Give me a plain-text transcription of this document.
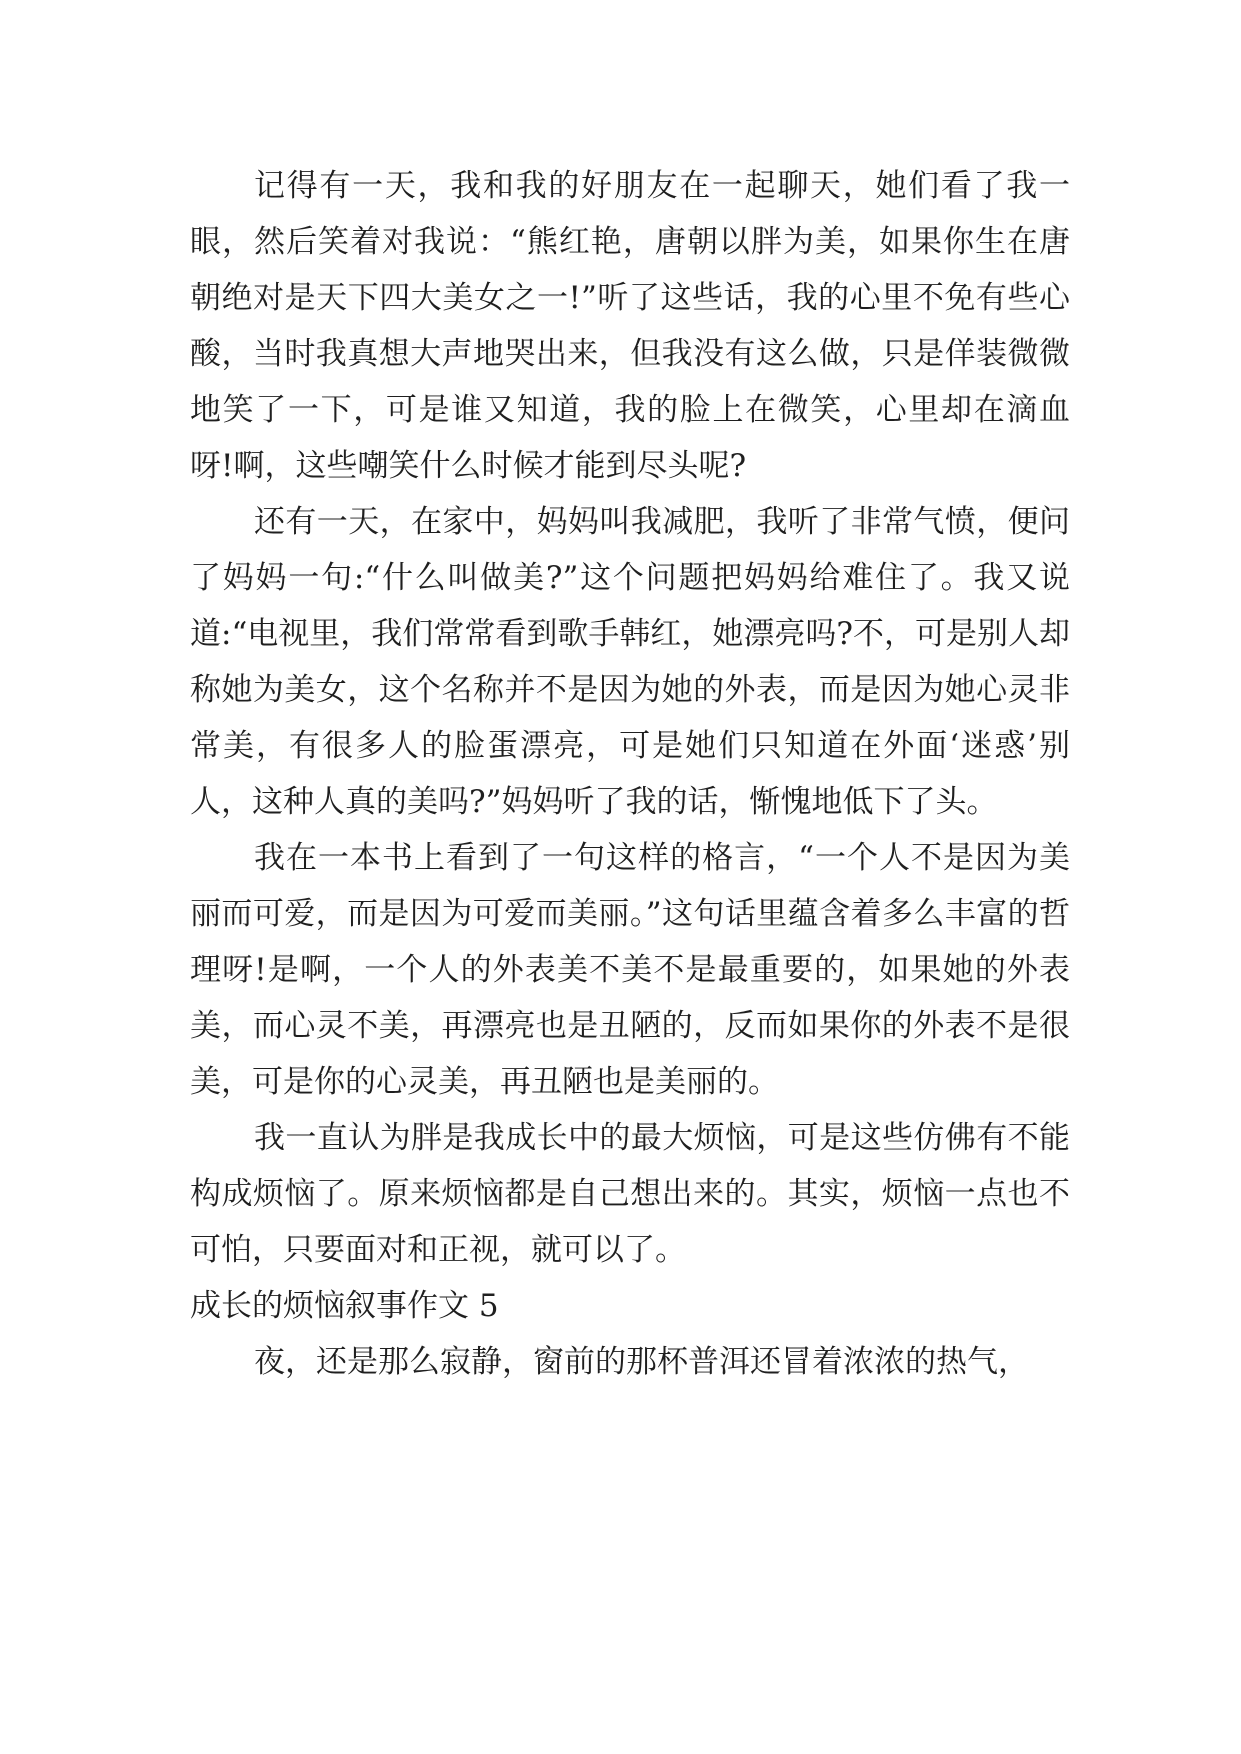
记得有一天，我和我的好朋友在一起聊天，她们看了我一眼，然后笑着对我说：“熊红艳，唐朝以胖为美，如果你生在唐朝绝对是天下四大美女之一!”听了这些话，我的心里不免有些心酸，当时我真想大声地哭出来，但我没有这么做，只是佯装微微地笑了一下，可是谁又知道，我的脸上在微笑，心里却在滴血呀!啊，这些嘲笑什么时候才能到尽头呢?

还有一天，在家中，妈妈叫我减肥，我听了非常气愤，便问了妈妈一句:“什么叫做美?”这个问题把妈妈给难住了。我又说道:“电视里，我们常常看到歌手韩红，她漂亮吗?不，可是别人却称她为美女，这个名称并不是因为她的外表，而是因为她心灵非常美，有很多人的脸蛋漂亮，可是她们只知道在外面‘迷惑’别人，这种人真的美吗?”妈妈听了我的话，惭愧地低下了头。

我在一本书上看到了一句这样的格言，“一个人不是因为美丽而可爱，而是因为可爱而美丽。”这句话里蕴含着多么丰富的哲理呀!是啊，一个人的外表美不美不是最重要的，如果她的外表美，而心灵不美，再漂亮也是丑陋的，反而如果你的外表不是很美，可是你的心灵美，再丑陋也是美丽的。

我一直认为胖是我成长中的最大烦恼，可是这些仿佛有不能构成烦恼了。原来烦恼都是自己想出来的。其实，烦恼一点也不可怕，只要面对和正视，就可以了。

成长的烦恼叙事作文 5

夜，还是那么寂静，窗前的那杯普洱还冒着浓浓的热气，
